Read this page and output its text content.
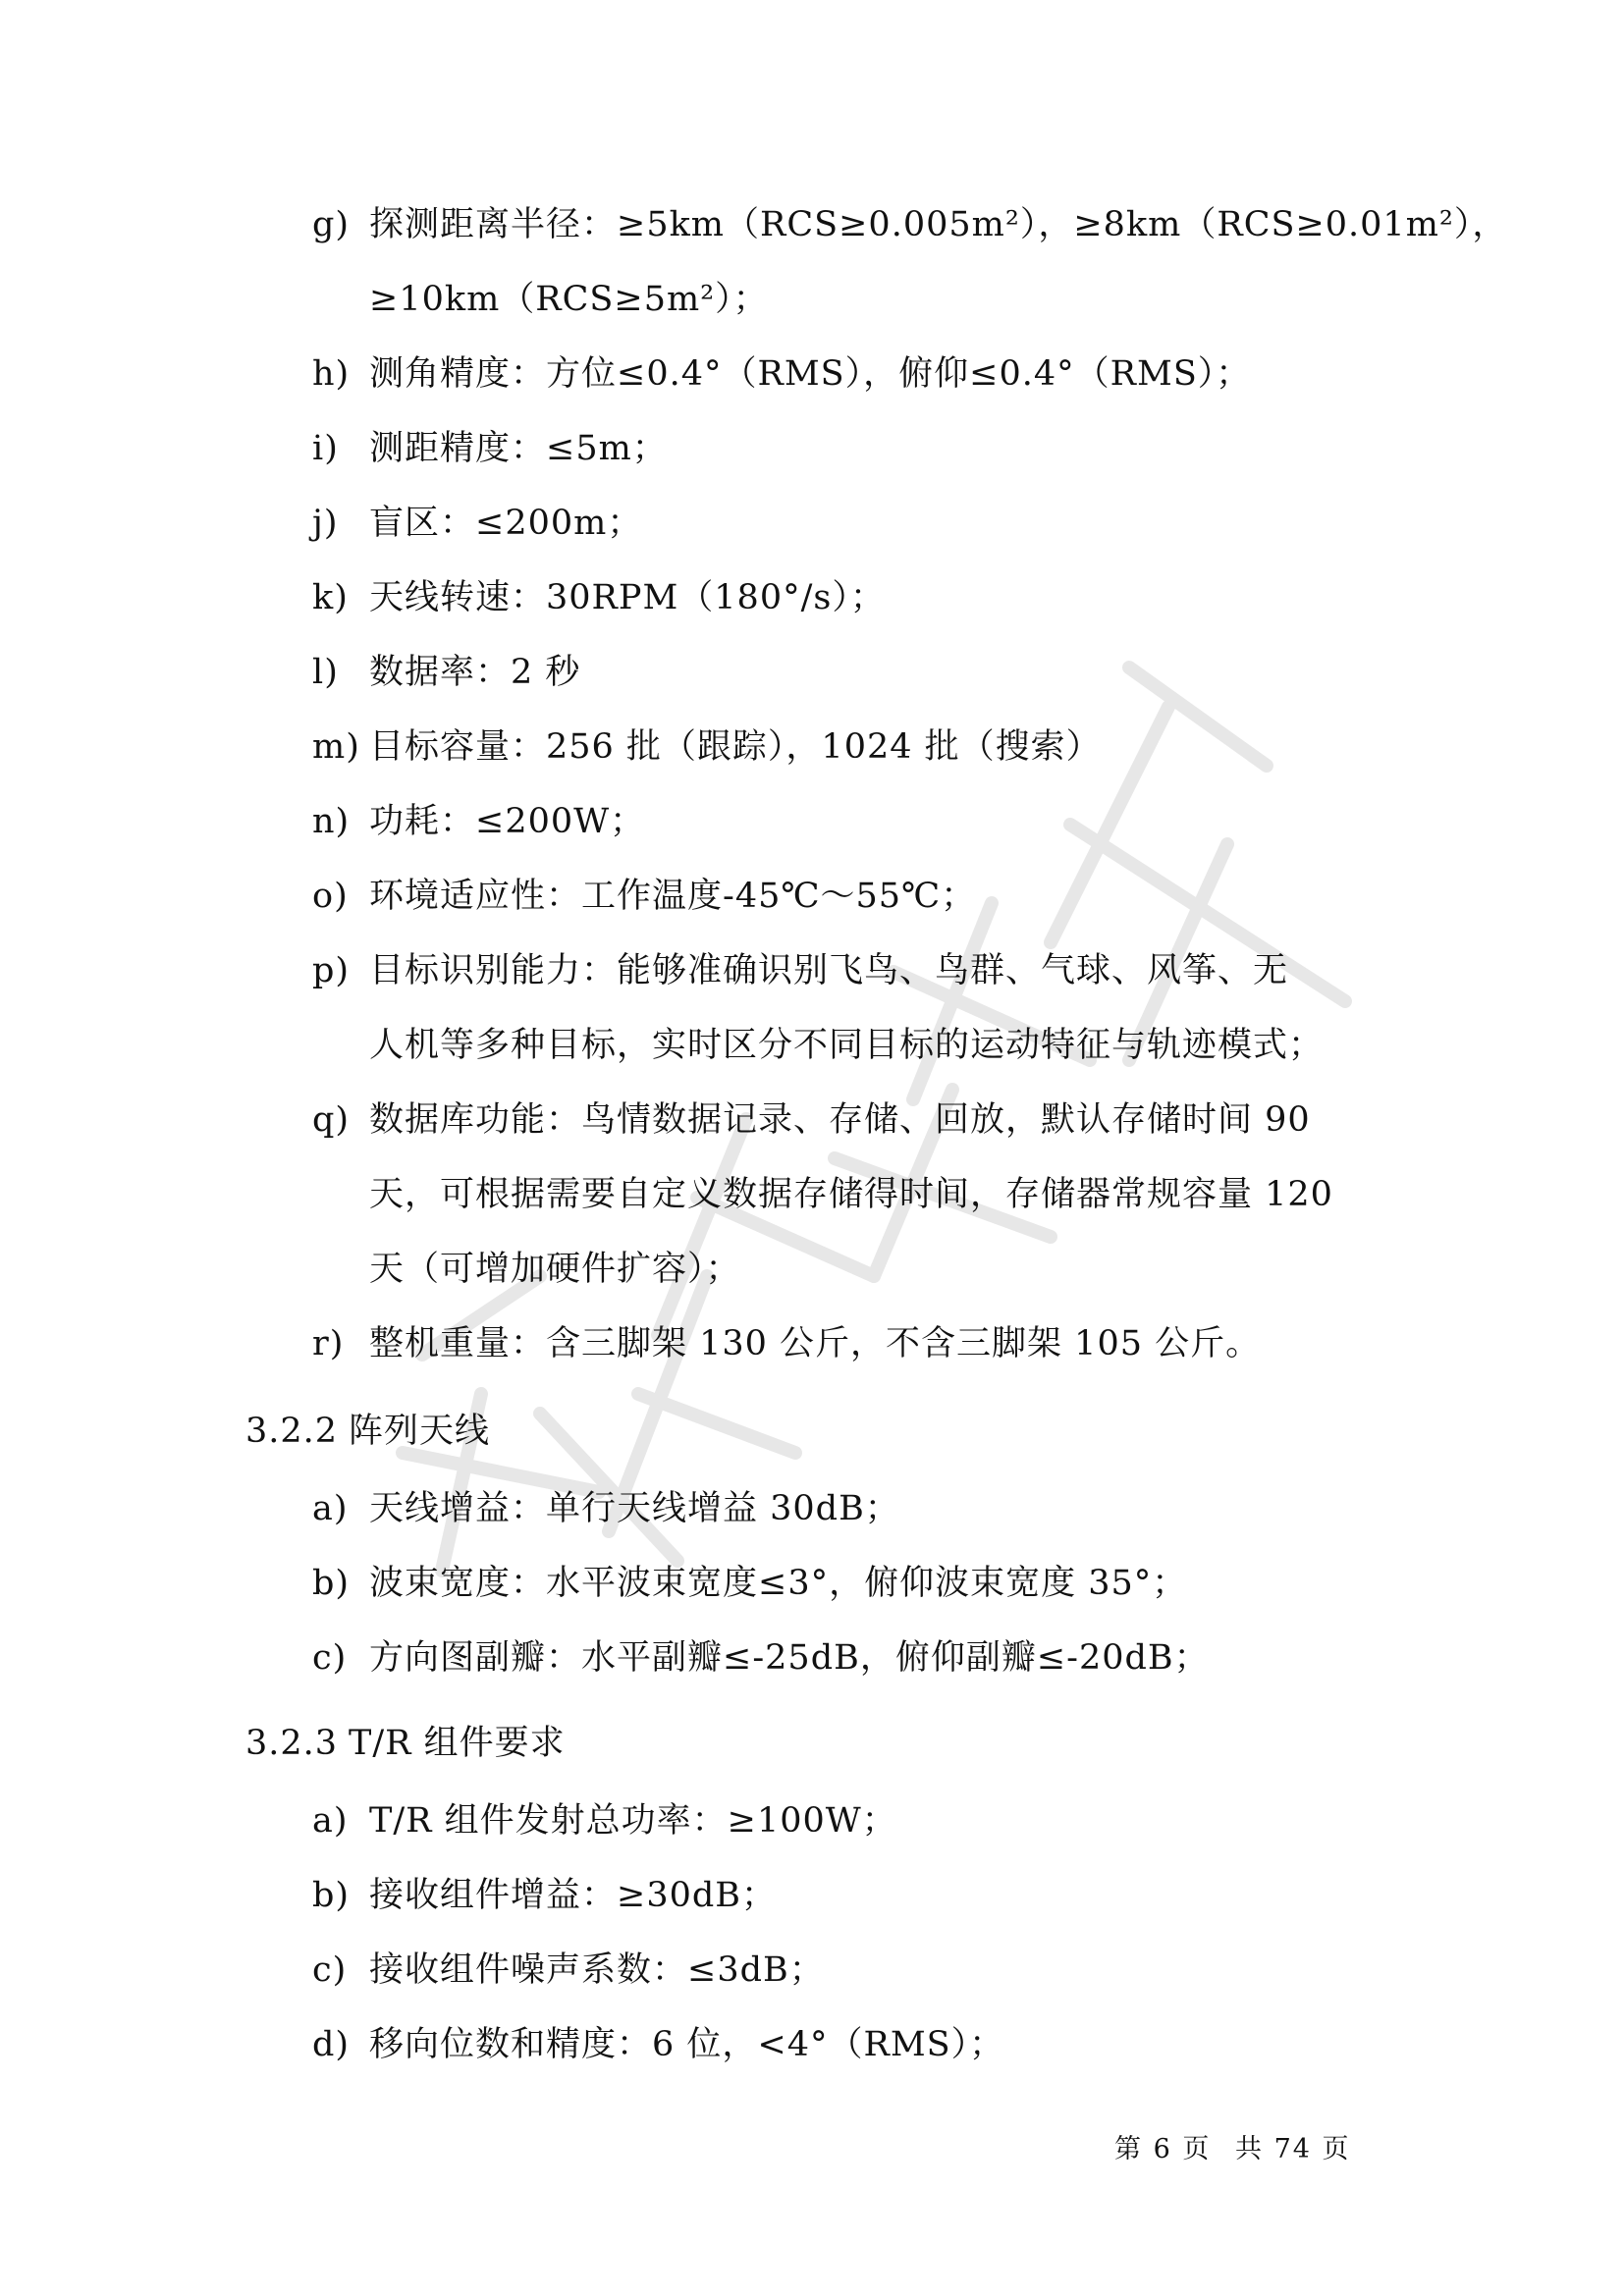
g) 探测距离半径：≥5km（RCS≥0.005m²），≥8km（RCS≥0.01m²），
≥10km（RCS≥5m²）；
h) 测角精度：方位≤0.4°（RMS），俯仰≤0.4°（RMS）；
i) 测距精度：≤5m；
j) 盲区：≤200m；
k) 天线转速：30RPM（180°/s）；
l) 数据率：2 秒
m) 目标容量：256 批（跟踪），1024 批（搜索）
n) 功耗：≤200W；
o) 环境适应性：工作温度-45℃～55℃；
p) 目标识别能力：能够准确识别飞鸟、鸟群、气球、风筝、无
人机等多种目标，实时区分不同目标的运动特征与轨迹模式；
q) 数据库功能：鸟情数据记录、存储、回放，默认存储时间 90
天，可根据需要自定义数据存储得时间，存储器常规容量 120
天（可增加硬件扩容）；
r) 整机重量：含三脚架 130 公斤，不含三脚架 105 公斤。
3.2.2 阵列天线
a) 天线增益：单行天线增益 30dB；
b) 波束宽度：水平波束宽度≤3°，俯仰波束宽度 35°；
c) 方向图副瓣：水平副瓣≤-25dB，俯仰副瓣≤-20dB；
3.2.3 T/R 组件要求
a) T/R 组件发射总功率：≥100W；
b) 接收组件增益：≥30dB；
c) 接收组件噪声系数：≤3dB；
d) 移向位数和精度：6 位，<4°（RMS）；
第 6 页 共 74 页
